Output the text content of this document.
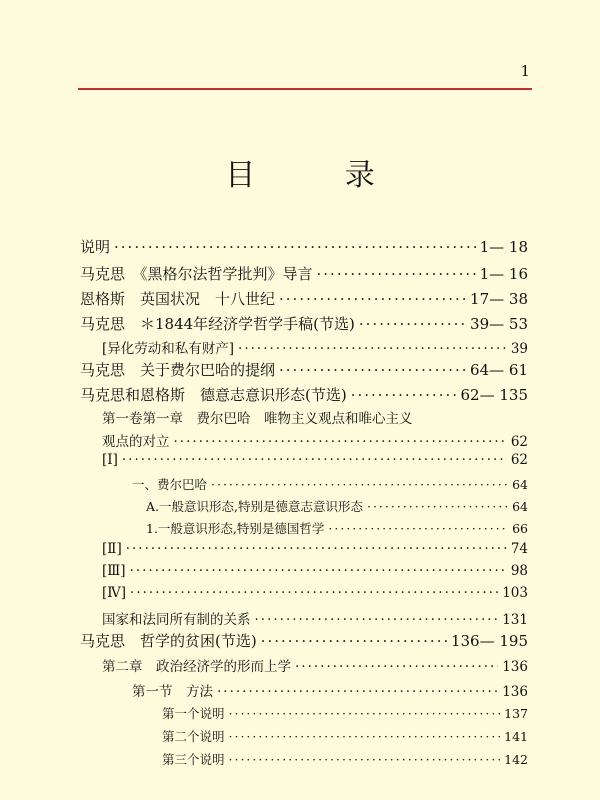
1
目 录
说明 ·····	1— 18
马克思　《黑格尔法哲学批判》导言 ·····	1— 16
恩格斯　英国状况　十八世纪 ·····	17— 38
马克思　＊1844年经济学哲学手稿(节选) ·····	39— 53
[异化劳动和私有财产] ·····	39
马克思　关于费尔巴哈的提纲 ·····	64— 61
马克思和恩格斯　德意志意识形态(节选) ·····	62— 135
第一卷第一章　费尔巴哈　唯物主义观点和唯心主义
观点的对立 ·····	62
[Ⅰ] ·····	62
一、费尔巴哈 ·····	64
A.一般意识形态,特别是德意志意识形态 ·····	64
1.一般意识形态,特别是德国哲学 ·····	66
[Ⅱ] ·····	74
[Ⅲ] ·····	98
[Ⅳ] ·····	103
国家和法同所有制的关系 ·····	131
马克思　哲学的贫困(节选) ·····	136— 195
第二章　政治经济学的形而上学 ·····	136
第一节　方法 ·····	136
第一个说明 ·····	137
第二个说明 ·····	141
第三个说明 ·····	142
